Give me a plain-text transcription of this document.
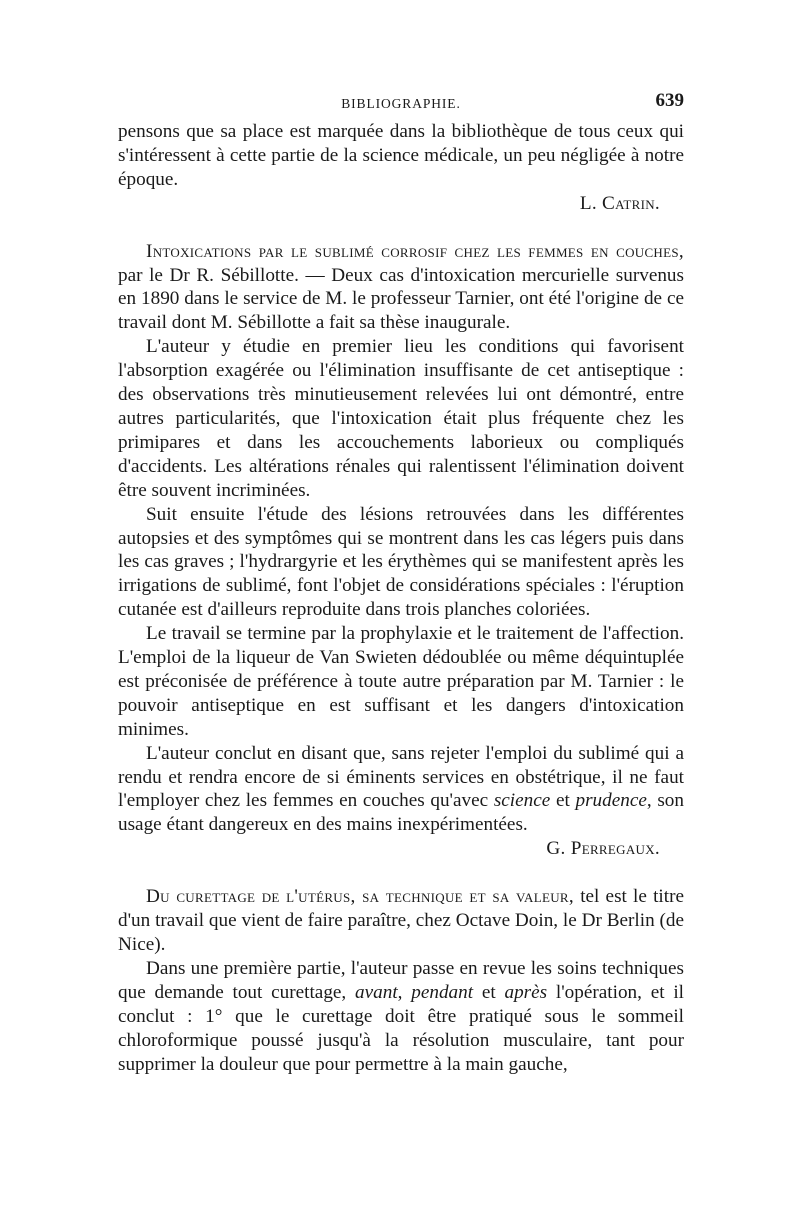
BIBLIOGRAPHIE.	639

pensons que sa place est marquée dans la bibliothèque de tous ceux qui s'intéressent à cette partie de la science médicale, un peu négligée à notre époque.

L. Catrin.

Intoxications par le sublimé corrosif chez les femmes en couches, par le Dr R. Sébillotte. — Deux cas d'intoxication mercurielle survenus en 1890 dans le service de M. le professeur Tarnier, ont été l'origine de ce travail dont M. Sébillotte a fait sa thèse inaugurale.

L'auteur y étudie en premier lieu les conditions qui favorisent l'absorption exagérée ou l'élimination insuffisante de cet antiseptique : des observations très minutieusement relevées lui ont démontré, entre autres particularités, que l'intoxication était plus fréquente chez les primipares et dans les accouchements laborieux ou compliqués d'accidents. Les altérations rénales qui ralentissent l'élimination doivent être souvent incriminées.

Suit ensuite l'étude des lésions retrouvées dans les différentes autopsies et des symptômes qui se montrent dans les cas légers puis dans les cas graves ; l'hydrargyrie et les érythèmes qui se manifestent après les irrigations de sublimé, font l'objet de considérations spéciales : l'éruption cutanée est d'ailleurs reproduite dans trois planches coloriées.

Le travail se termine par la prophylaxie et le traitement de l'affection. L'emploi de la liqueur de Van Swieten dédoublée ou même déquintuplée est préconisée de préférence à toute autre préparation par M. Tarnier : le pouvoir antiseptique en est suffisant et les dangers d'intoxication minimes.

L'auteur conclut en disant que, sans rejeter l'emploi du sublimé qui a rendu et rendra encore de si éminents services en obstétrique, il ne faut l'employer chez les femmes en couches qu'avec science et prudence, son usage étant dangereux en des mains inexpérimentées.

G. Perregaux.

Du curettage de l'utérus, sa technique et sa valeur, tel est le titre d'un travail que vient de faire paraître, chez Octave Doin, le Dr Berlin (de Nice).

Dans une première partie, l'auteur passe en revue les soins techniques que demande tout curettage, avant, pendant et après l'opération, et il conclut : 1° que le curettage doit être pratiqué sous le sommeil chloroformique poussé jusqu'à la résolution musculaire, tant pour supprimer la douleur que pour permettre à la main gauche,
